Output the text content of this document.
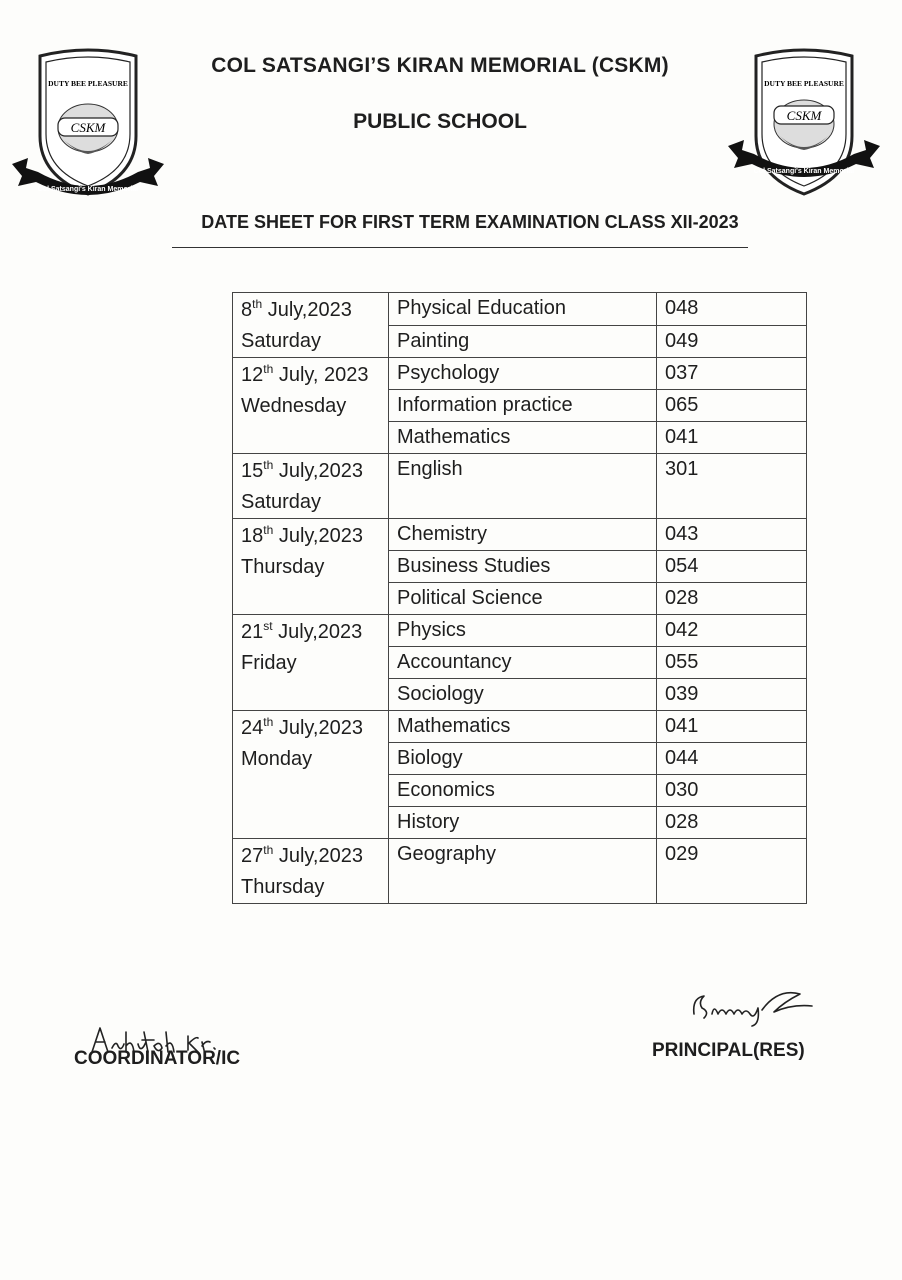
DUTY BEE PLEASURE
CSKM
Col Satsangi's Kiran Memorial
DUTY BEE PLEASURE
CSKM
Col Satsangi's Kiran Memorial
COL SATSANGI’S KIRAN MEMORIAL (CSKM)
PUBLIC SCHOOL
DATE SHEET FOR FIRST TERM EXAMINATION CLASS XII-2023
8th July,2023
Saturday	Physical Education	048
	Painting	049

12th July, 2023
Wednesday	Psychology	037
	Information practice	065
	Mathematics	041

15th July,2023
Saturday	English	301

18th July,2023
Thursday	Chemistry	043
	Business Studies	054
	Political Science	028

21st July,2023
Friday	Physics	042
	Accountancy	055
	Sociology	039

24th July,2023
Monday	Mathematics	041
	Biology	044
	Economics	030
	History	028

27th July,2023
Thursday	Geography	029
COORDINATOR/IC	PRINCIPAL(RES)
